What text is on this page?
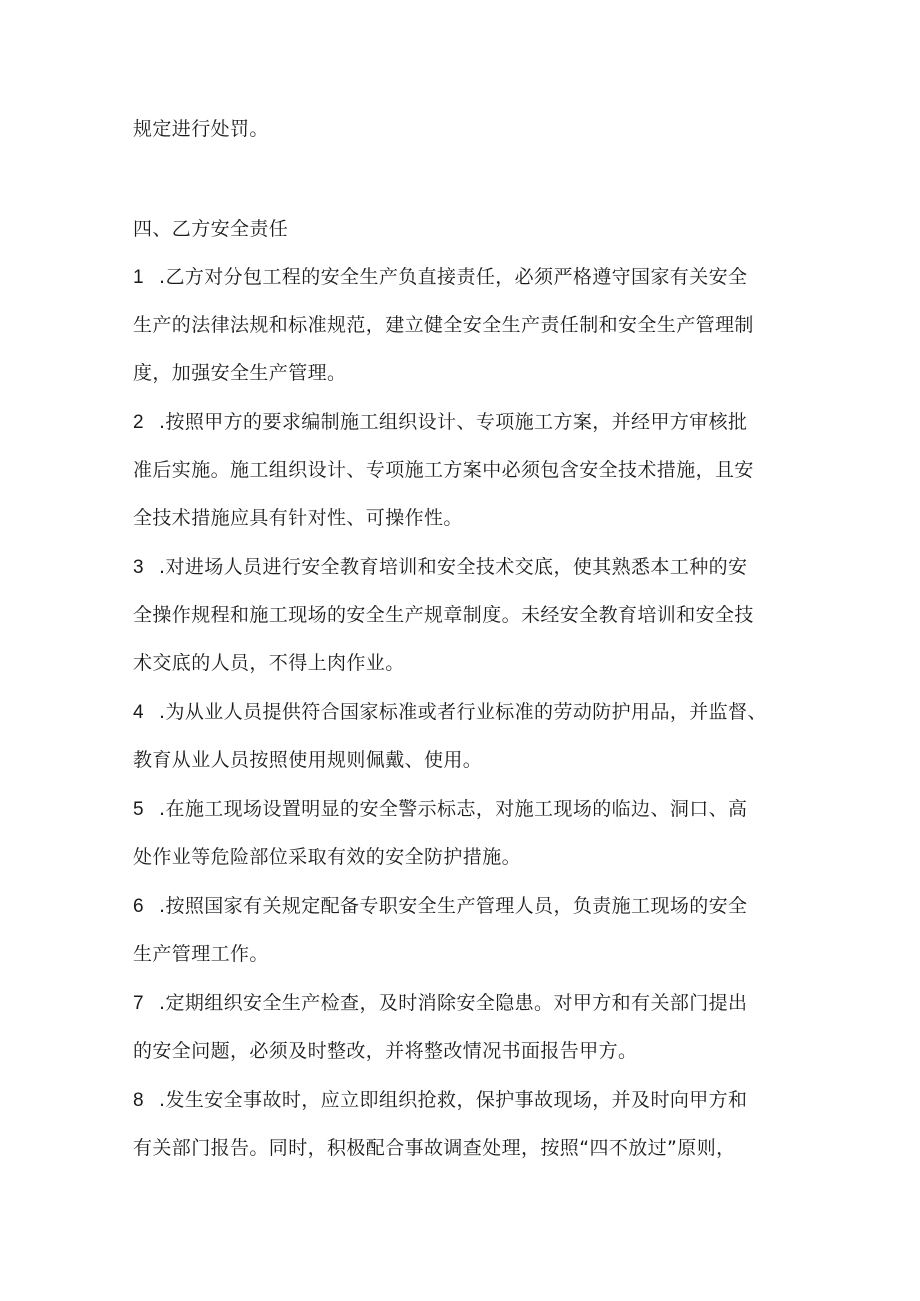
规定进行处罚。
四、乙方安全责任
1 .乙方对分包工程的安全生产负直接责任，必须严格遵守国家有关安全
生产的法律法规和标准规范，建立健全安全生产责任制和安全生产管理制
度，加强安全生产管理。
2 .按照甲方的要求编制施工组织设计、专项施工方案，并经甲方审核批
准后实施。施工组织设计、专项施工方案中必须包含安全技术措施，且安
全技术措施应具有针对性、可操作性。
3 .对进场人员进行安全教育培训和安全技术交底，使其熟悉本工种的安
全操作规程和施工现场的安全生产规章制度。未经安全教育培训和安全技
术交底的人员，不得上肉作业。
4 .为从业人员提供符合国家标准或者行业标准的劳动防护用品，并监督、
教育从业人员按照使用规则佩戴、使用。
5 .在施工现场设置明显的安全警示标志，对施工现场的临边、洞口、高
处作业等危险部位采取有效的安全防护措施。
6 .按照国家有关规定配备专职安全生产管理人员，负责施工现场的安全
生产管理工作。
7 .定期组织安全生产检查，及时消除安全隐患。对甲方和有关部门提出
的安全问题，必须及时整改，并将整改情况书面报告甲方。
8 .发生安全事故时，应立即组织抢救，保护事故现场，并及时向甲方和
有关部门报告。同时，积极配合事故调查处理，按照“四不放过”原则，
